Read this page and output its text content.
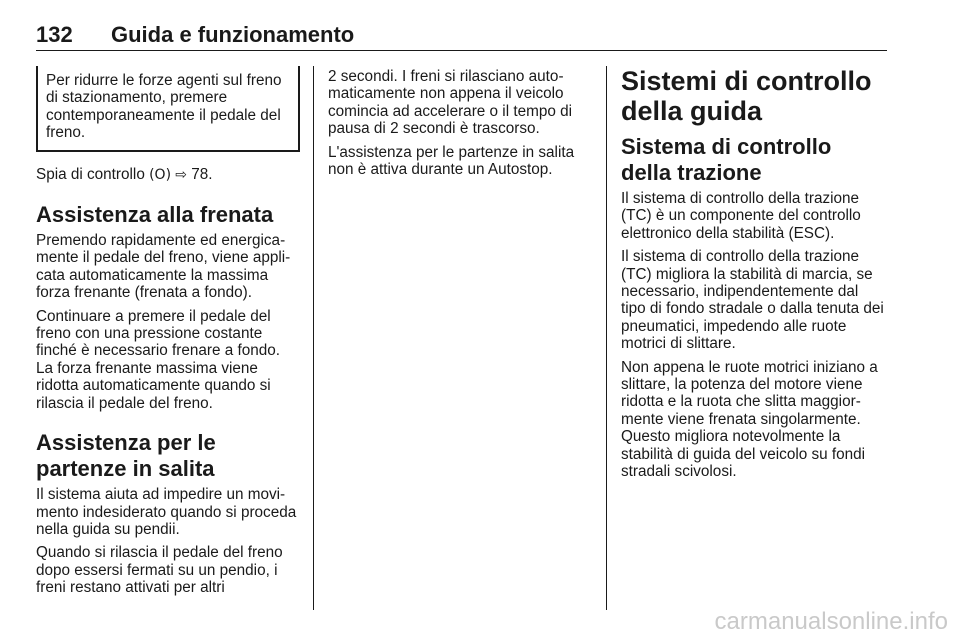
132 Guida e funzionamento

Per ridurre le forze agenti sul freno di stazionamento, premere contemporaneamente il pedale del freno.

Spia di controllo (O) ⇨ 78.

Assistenza alla frenata

Premendo rapidamente ed energicamente il pedale del freno, viene applicata automaticamente la massima forza frenante (frenata a fondo).

Continuare a premere il pedale del freno con una pressione costante finché è necessario frenare a fondo. La forza frenante massima viene ridotta automaticamente quando si rilascia il pedale del freno.

Assistenza per le partenze in salita

Il sistema aiuta ad impedire un movimento indesiderato quando si proceda nella guida su pendii.

Quando si rilascia il pedale del freno dopo essersi fermati su un pendio, i freni restano attivati per altri

2 secondi. I freni si rilasciano automaticamente non appena il veicolo comincia ad accelerare o il tempo di pausa di 2 secondi è trascorso.

L'assistenza per le partenze in salita non è attiva durante un Autostop.

Sistemi di controllo della guida
Sistema di controllo della trazione

Il sistema di controllo della trazione (TC) è un componente del controllo elettronico della stabilità (ESC).

Il sistema di controllo della trazione (TC) migliora la stabilità di marcia, se necessario, indipendentemente dal tipo di fondo stradale o dalla tenuta dei pneumatici, impedendo alle ruote motrici di slittare.

Non appena le ruote motrici iniziano a slittare, la potenza del motore viene ridotta e la ruota che slitta maggiormente viene frenata singolarmente. Questo migliora notevolmente la stabilità di guida del veicolo su fondi stradali scivolosi.

carmanualsonline.info
